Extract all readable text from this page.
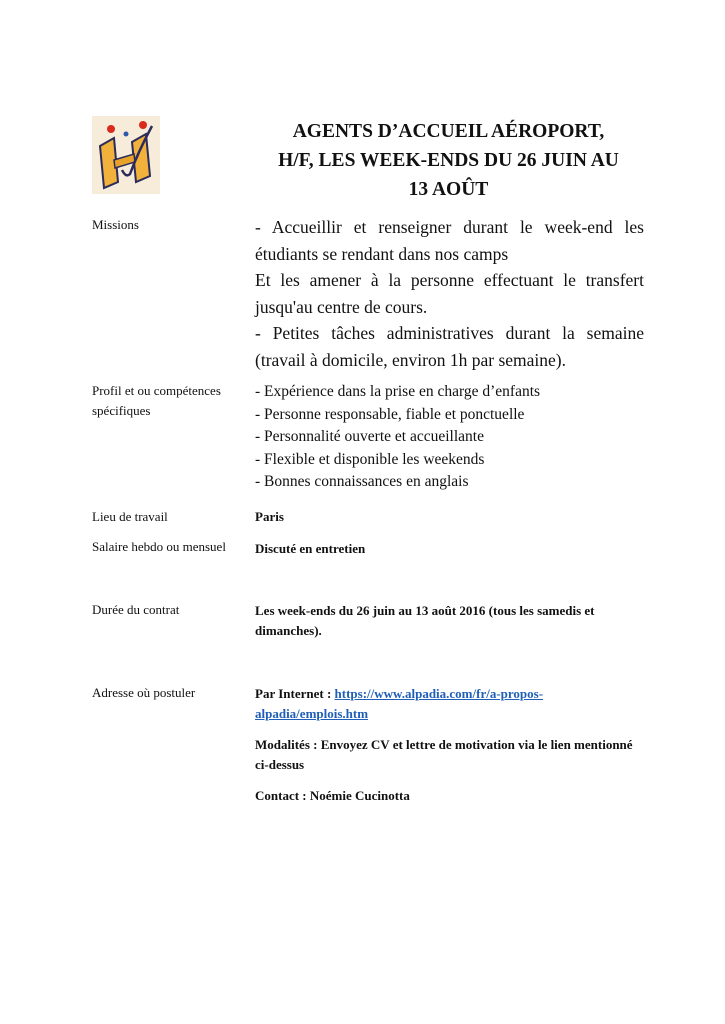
AGENTS D’ACCUEIL AÉROPORT,
H/F, LES WEEK-ENDS DU 26 JUIN AU
13 AOÛT
Missions	- Accueillir et renseigner durant le week-end les étudiants se rendant dans nos camps

Et les amener à la personne effectuant le transfert jusqu'au centre de cours.

- Petites tâches administratives durant la semaine (travail à domicile, environ 1h par semaine).

Profil et ou compétences spécifiques
- Expérience dans la prise en charge d’enfants
- Personne responsable, fiable et ponctuelle
- Personnalité ouverte et accueillante
- Flexible et disponible les weekends
- Bonnes connaissances en anglais
Lieu de travail	Paris
Salaire hebdo ou mensuel	Discuté en entretien
Durée du contrat	Les week-ends du 26 juin au 13 août 2016 (tous les samedis et dimanches).
Adresse où postuler	Par Internet : https://www.alpadia.com/fr/a-propos-alpadia/emplois.htm
Modalités : Envoyez CV et lettre de motivation via le lien mentionné ci-dessus
Contact : Noémie Cucinotta
